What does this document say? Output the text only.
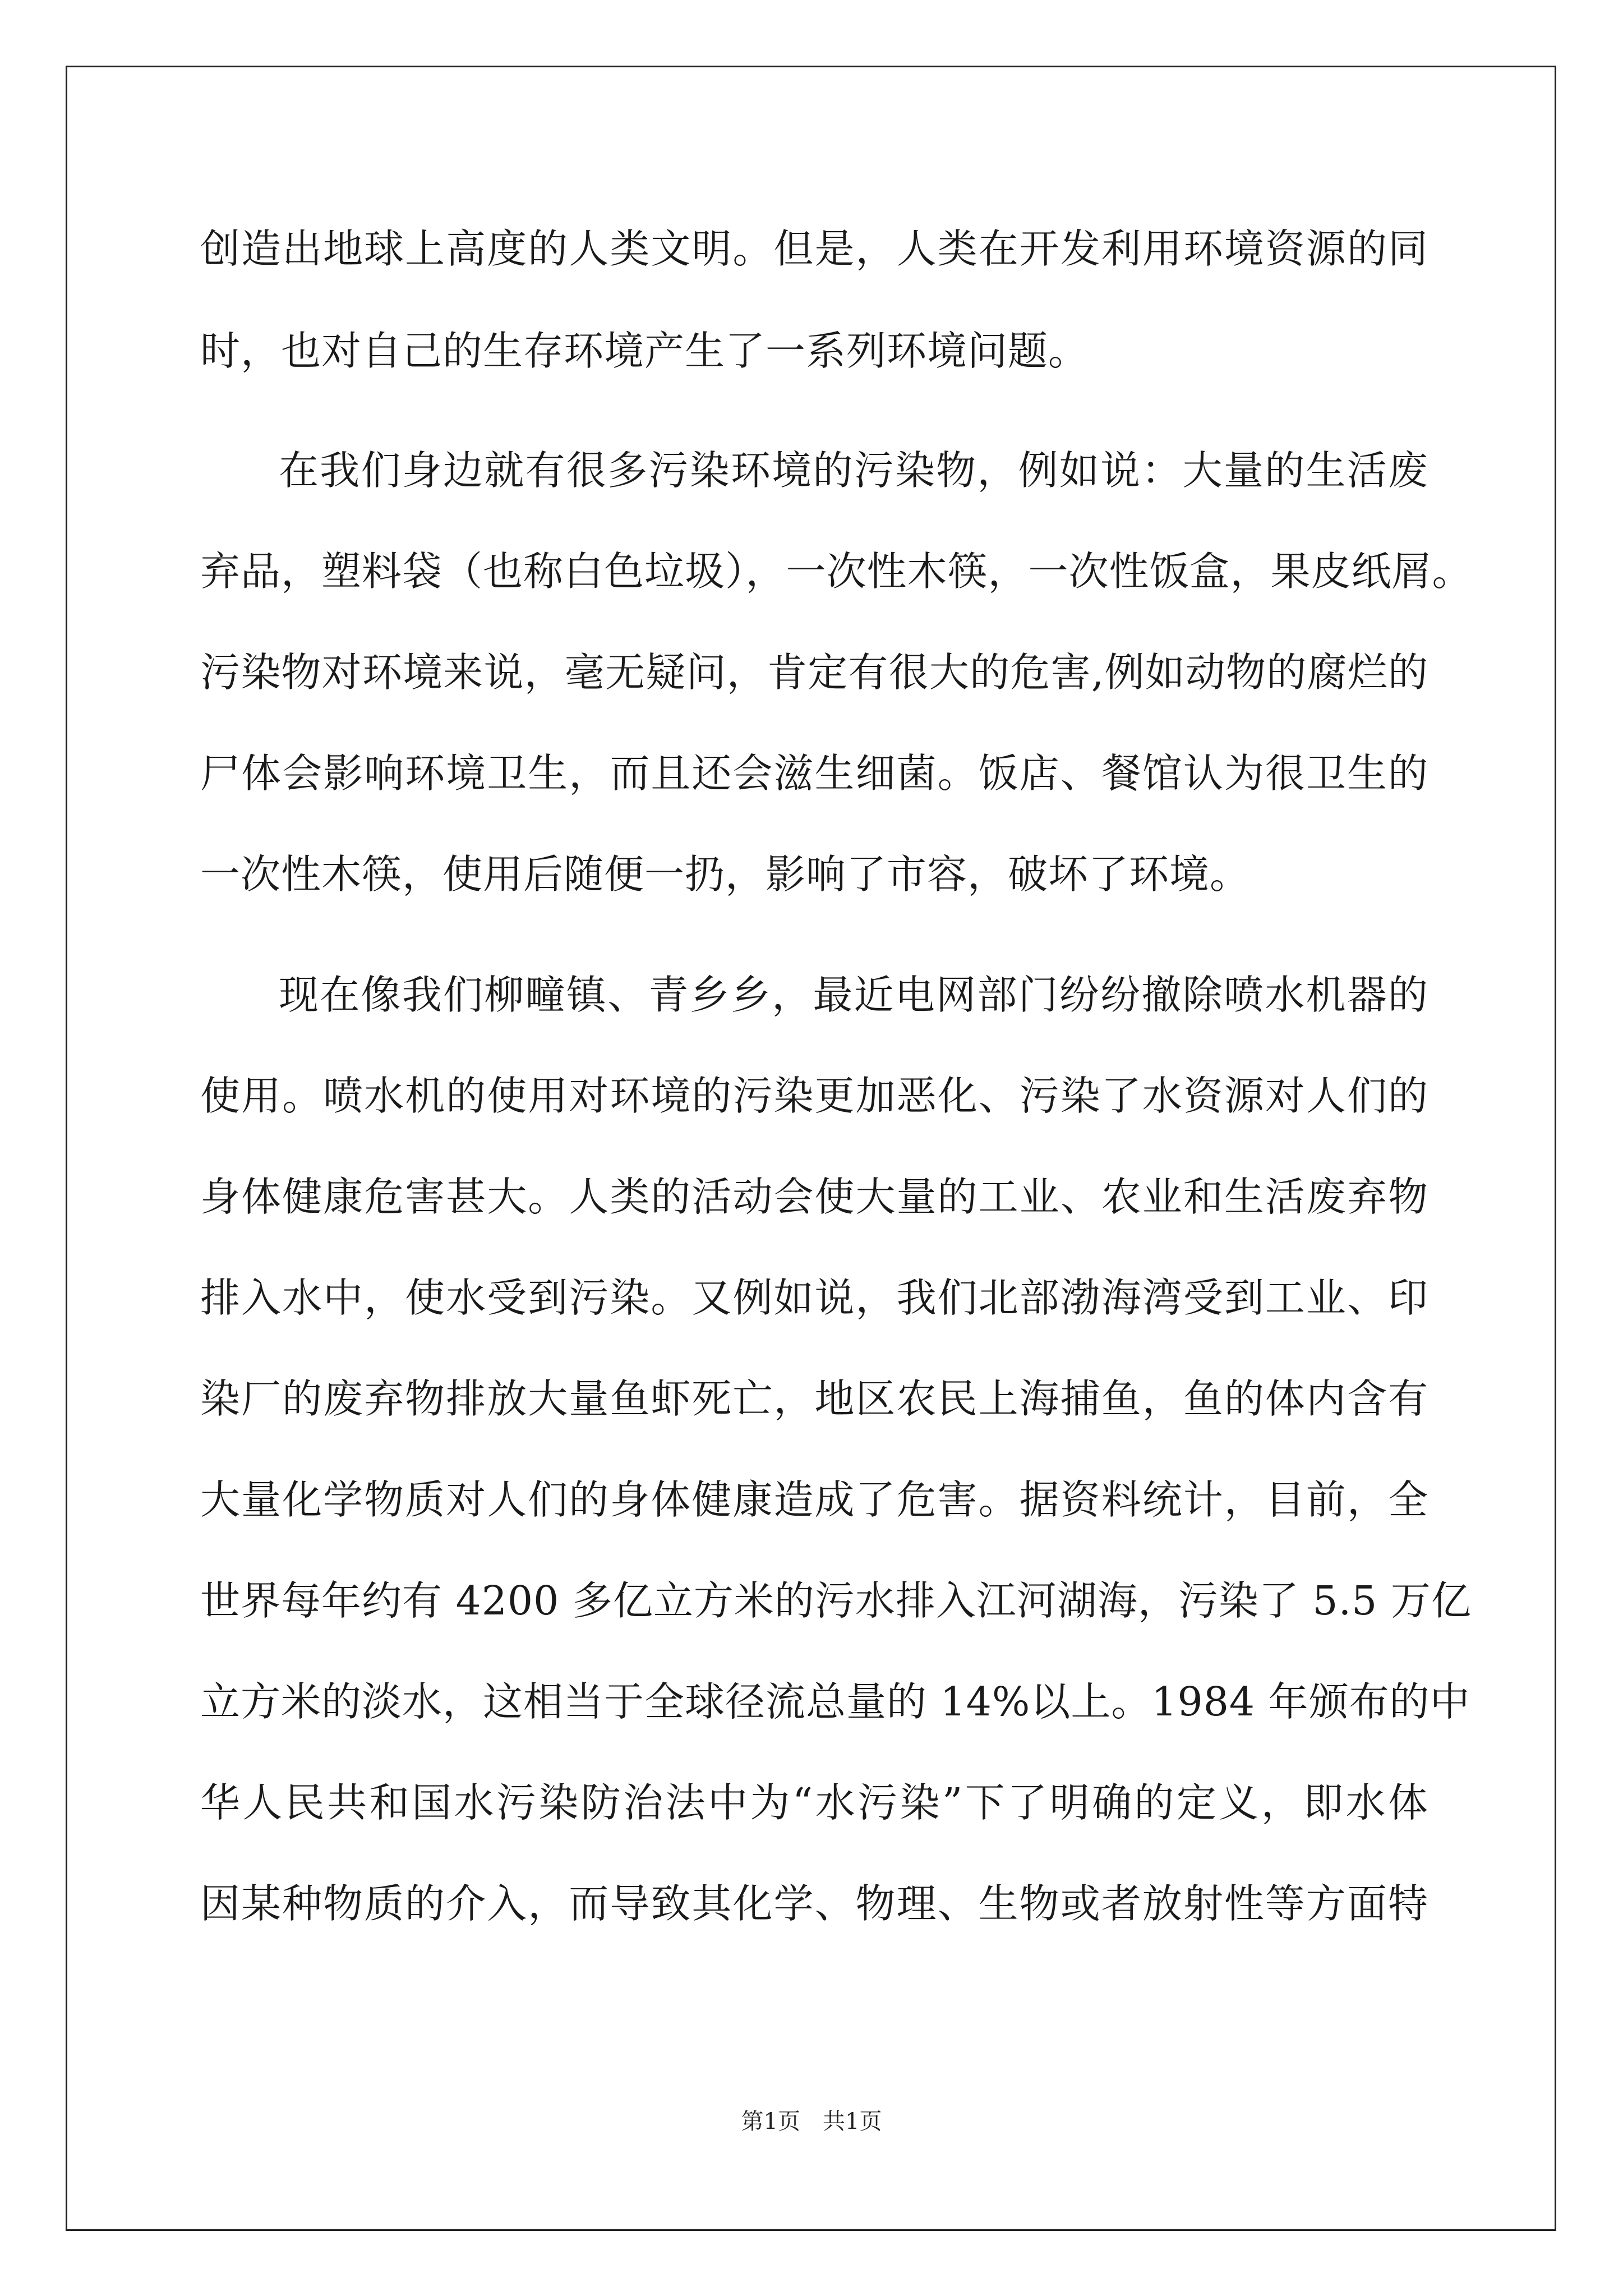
创造出地球上高度的人类文明。但是，人类在开发利用环境资源的同
时，也对自己的生存环境产生了一系列环境问题。
在我们身边就有很多污染环境的污染物，例如说：大量的生活废
弃品，塑料袋（也称白色垃圾），一次性木筷，一次性饭盒，果皮纸屑。
污染物对环境来说，毫无疑问，肯定有很大的危害,例如动物的腐烂的
尸体会影响环境卫生，而且还会滋生细菌。饭店、餐馆认为很卫生的
一次性木筷，使用后随便一扔，影响了市容，破坏了环境。
现在像我们柳疃镇、青乡乡，最近电网部门纷纷撤除喷水机器的
使用。喷水机的使用对环境的污染更加恶化、污染了水资源对人们的
身体健康危害甚大。人类的活动会使大量的工业、农业和生活废弃物
排入水中，使水受到污染。又例如说，我们北部渤海湾受到工业、印
染厂的废弃物排放大量鱼虾死亡，地区农民上海捕鱼，鱼的体内含有
大量化学物质对人们的身体健康造成了危害。据资料统计，目前，全
世界每年约有 4200 多亿立方米的污水排入江河湖海，污染了 5.5 万亿
立方米的淡水，这相当于全球径流总量的 14%以上。1984 年颁布的中
华人民共和国水污染防治法中为“水污染”下了明确的定义，即水体
因某种物质的介入，而导致其化学、物理、生物或者放射性等方面特
第1页　共1页
